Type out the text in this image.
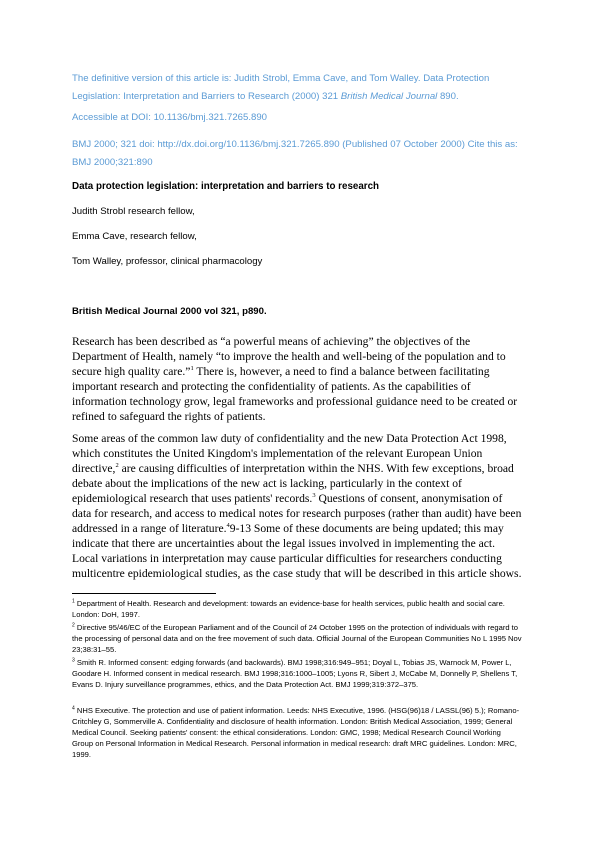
The definitive version of this article is: Judith Strobl, Emma Cave, and Tom Walley. Data Protection Legislation: Interpretation and Barriers to Research (2000) 321 British Medical Journal 890.
Accessible at DOI: 10.1136/bmj.321.7265.890
BMJ 2000; 321 doi: http://dx.doi.org/10.1136/bmj.321.7265.890 (Published 07 October 2000) Cite this as: BMJ 2000;321:890
Data protection legislation: interpretation and barriers to research
Judith Strobl research fellow,
Emma Cave, research fellow,
Tom Walley, professor, clinical pharmacology
British Medical Journal 2000 vol 321, p890.

Research has been described as “a powerful means of achieving” the objectives of the Department of Health, namely “to improve the health and well-being of the population and to secure high quality care.”$^1$ There is, however, a need to find a balance between facilitating important research and protecting the confidentiality of patients. As the capabilities of information technology grow, legal frameworks and professional guidance need to be created or refined to safeguard the rights of patients.

Some areas of the common law duty of confidentiality and the new Data Protection Act 1998, which constitutes the United Kingdom's implementation of the relevant European Union directive,$^2$ are causing difficulties of interpretation within the NHS. With few exceptions, broad debate about the implications of the new act is lacking, particularly in the context of epidemiological research that uses patients' records.$^3$ Questions of consent, anonymisation of data for research, and access to medical notes for research purposes (rather than audit) have been addressed in a range of literature.$^4$9-13 Some of these documents are being updated; this may indicate that there are uncertainties about the legal issues involved in implementing the act. Local variations in interpretation may cause particular difficulties for researchers conducting multicentre epidemiological studies, as the case study that will be described in this article shows.

$^1$ Department of Health. Research and development: towards an evidence-base for health services, public health and social care. London: DoH, 1997.

$^2$ Directive 95/46/EC of the European Parliament and of the Council of 24 October 1995 on the protection of individuals with regard to the processing of personal data and on the free movement of such data. Official Journal of the European Communities No L 1995 Nov 23;38:31–55.

$^3$ Smith R. Informed consent: edging forwards (and backwards). BMJ 1998;316:949–951; Doyal L, Tobias JS, Warnock M, Power L, Goodare H. Informed consent in medical research. BMJ 1998;316:1000–1005; Lyons R, Sibert J, McCabe M, Donnelly P, Shellens T, Evans D. Injury surveillance programmes, ethics, and the Data Protection Act. BMJ 1999;319:372–375.

$^4$ NHS Executive. The protection and use of patient information. Leeds: NHS Executive, 1996. (HSG(96)18 / LASSL(96) 5.); Romano-Critchley G, Sommerville A. Confidentiality and disclosure of health information. London: British Medical Association, 1999; General Medical Council. Seeking patients' consent: the ethical considerations. London: GMC, 1998; Medical Research Council Working Group on Personal Information in Medical Research. Personal information in medical research: draft MRC guidelines. London: MRC, 1999.
